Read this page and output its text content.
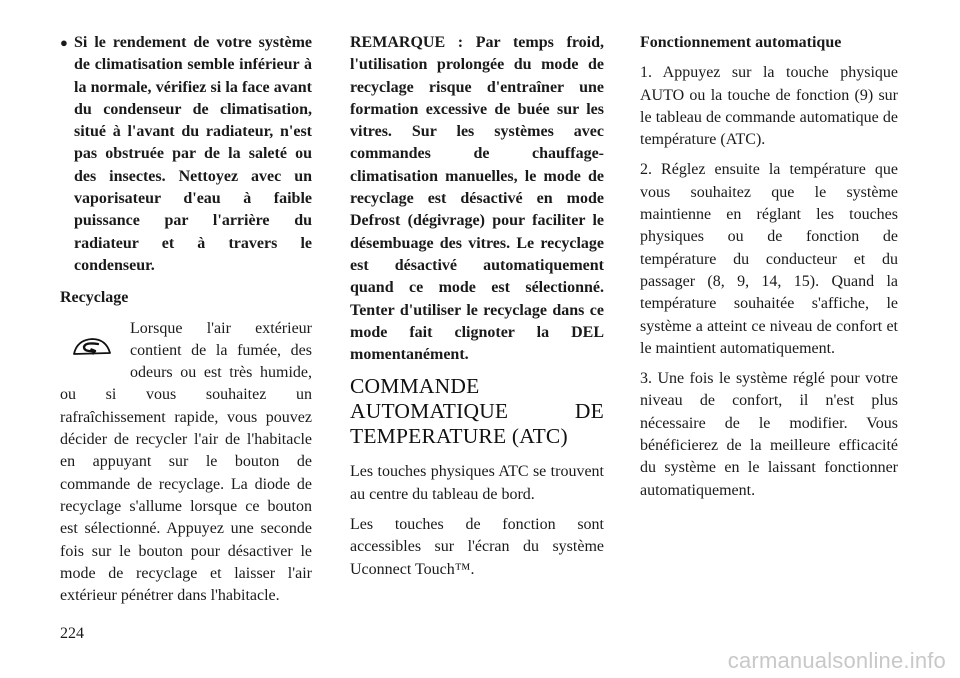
● Si le rendement de votre système de climatisation semble inférieur à la normale, vérifiez si la face avant du condenseur de climatisation, situé à l'avant du radiateur, n'est pas obstruée par de la saleté ou des insectes. Nettoyez avec un vaporisateur d'eau à faible puissance par l'arrière du radiateur et à travers le condenseur.

Recyclage

Lorsque l'air extérieur contient de la fumée, des odeurs ou est très humide, ou si vous souhaitez un rafraîchissement rapide, vous pouvez décider de recycler l'air de l'habitacle en appuyant sur le bouton de commande de recyclage. La diode de recyclage s'allume lorsque ce bouton est sélectionné. Appuyez une seconde fois sur le bouton pour désactiver le mode de recyclage et laisser l'air extérieur pénétrer dans l'habitacle.

REMARQUE : Par temps froid, l'utilisation prolongée du mode de recyclage risque d'entraîner une formation excessive de buée sur les vitres. Sur les systèmes avec commandes de chauffage-climatisation manuelles, le mode de recyclage est désactivé en mode Defrost (dégivrage) pour faciliter le désembuage des vitres. Le recyclage est désactivé automatiquement quand ce mode est sélectionné. Tenter d'utiliser le recyclage dans ce mode fait clignoter la DEL momentanément.

COMMANDE AUTOMATIQUE DE TEMPERATURE (ATC)

Les touches physiques ATC se trouvent au centre du tableau de bord.

Les touches de fonction sont accessibles sur l'écran du système Uconnect Touch™.

Fonctionnement automatique

1. Appuyez sur la touche physique AUTO ou la touche de fonction (9) sur le tableau de commande automatique de température (ATC).

2. Réglez ensuite la température que vous souhaitez que le système maintienne en réglant les touches physiques ou de fonction de température du conducteur et du passager (8, 9, 14, 15). Quand la température souhaitée s'affiche, le système a atteint ce niveau de confort et le maintient automatiquement.

3. Une fois le système réglé pour votre niveau de confort, il n'est plus nécessaire de le modifier. Vous bénéficierez de la meilleure efficacité du système en le laissant fonctionner automatiquement.

224
carmanualsonline.info
